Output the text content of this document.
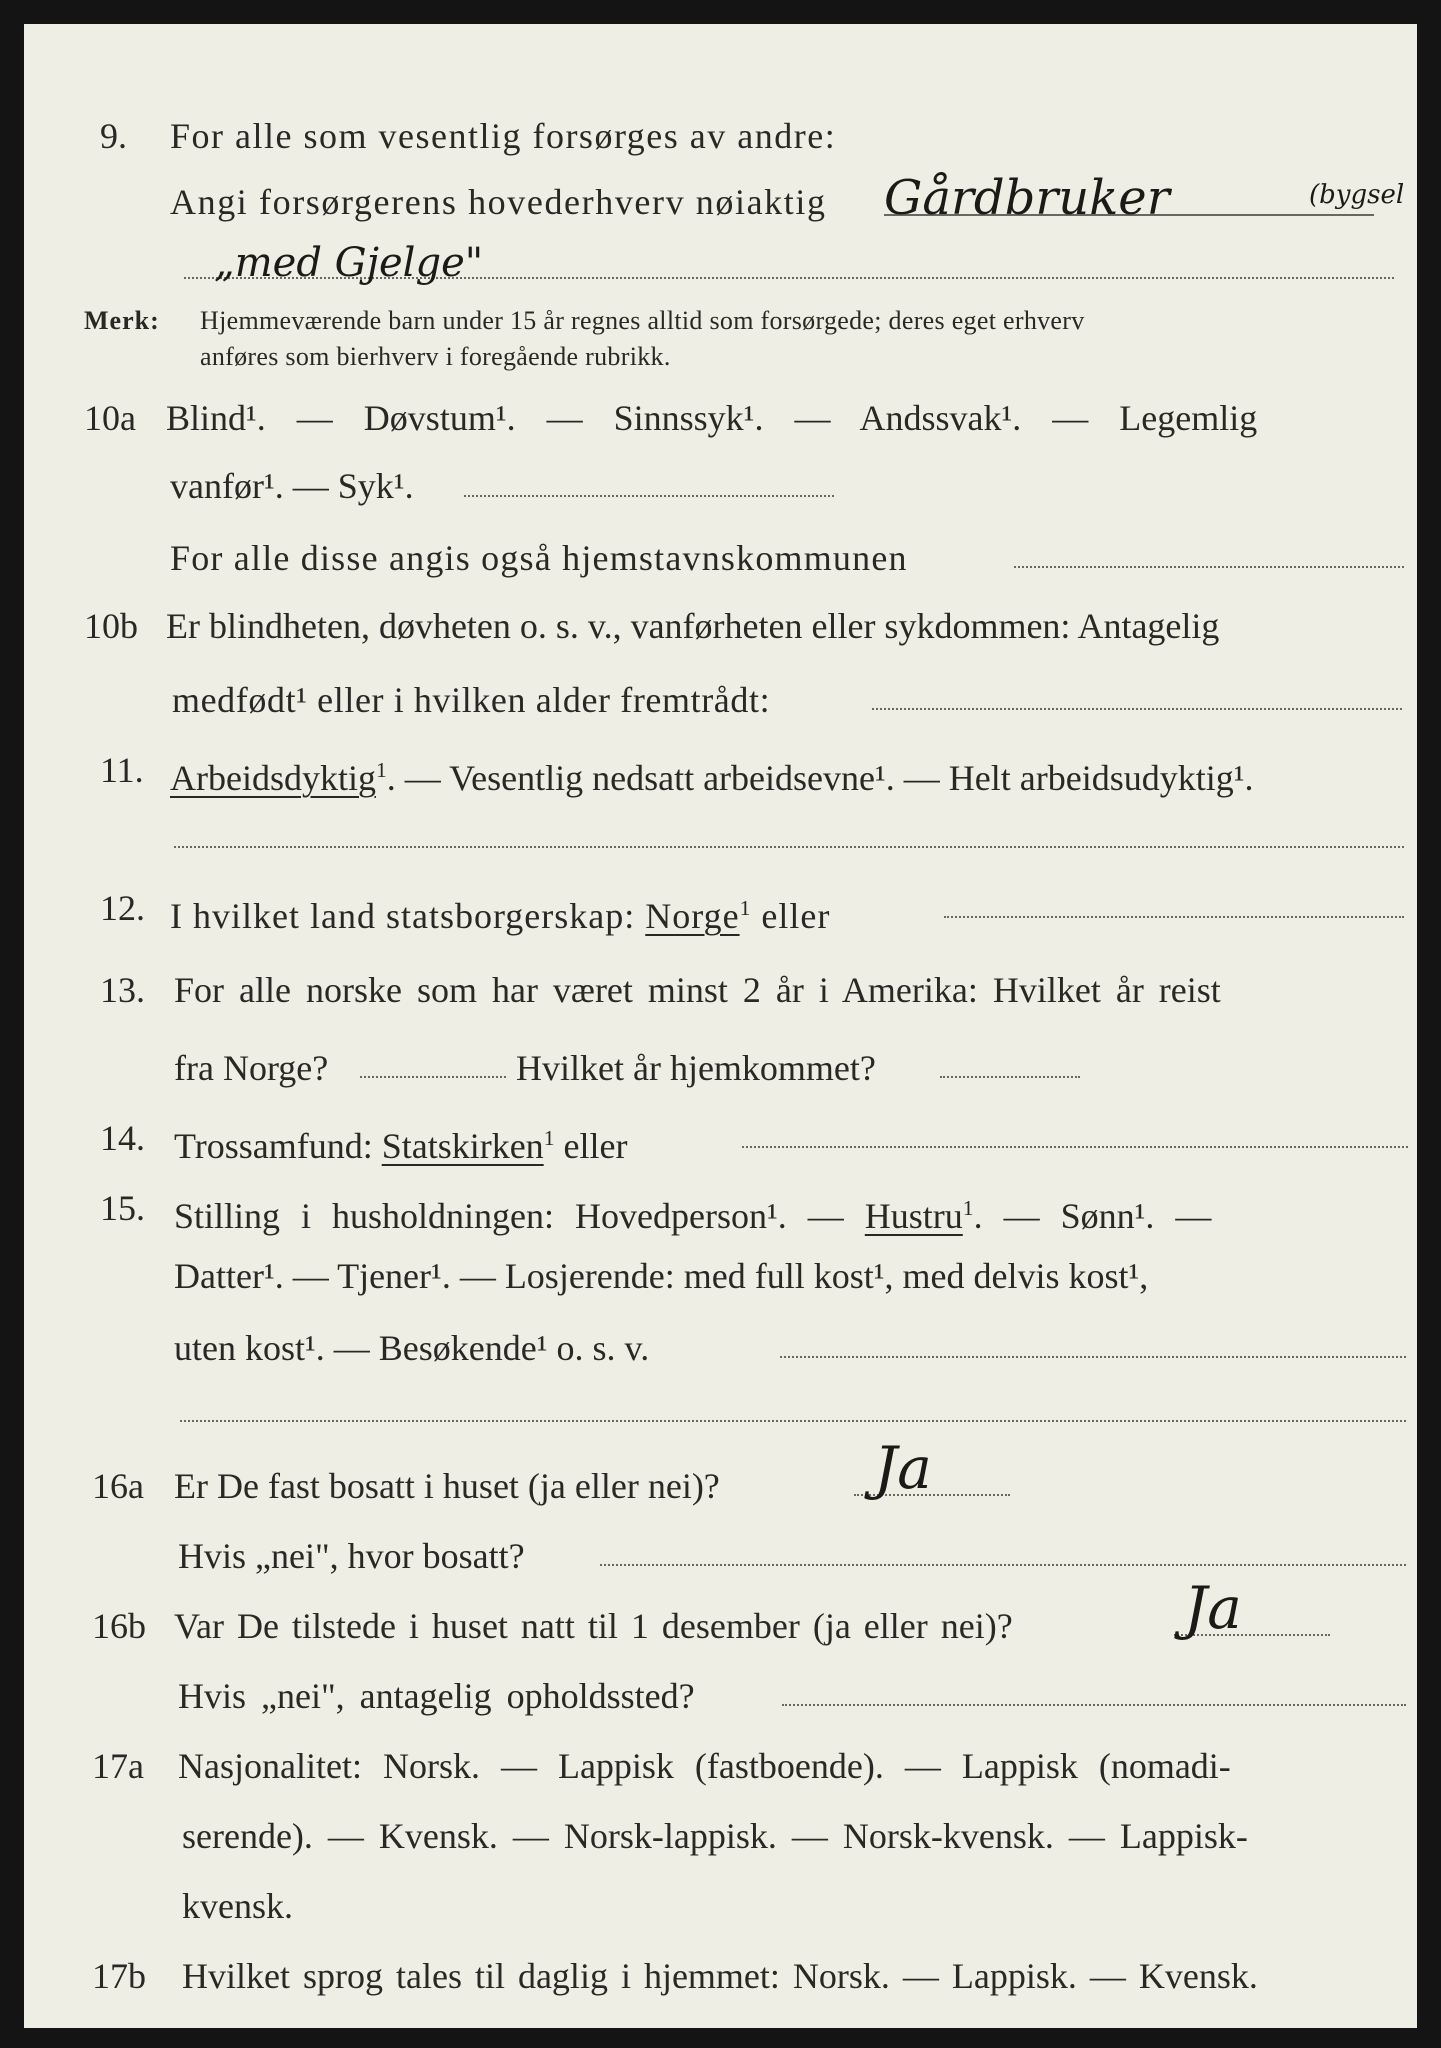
9. For alle som vesentlig forsørges av andre:
Angi forsørgerens hovederhverv nøiaktig Gårdbruker	(bygsel
„med Gjelge"
Merk: Hjemmeværende barn under 15 år regnes alltid som forsørgede; deres eget erhverv
anføres som bierhverv i foregående rubrikk.
10a Blind¹. — Døvstum¹. — Sinnssyk¹. — Andssvak¹. — Legemlig
vanfør¹. — Syk¹.
For alle disse angis også hjemstavnskommunen
10b Er blindheten, døvheten o. s. v., vanførheten eller sykdommen: Antagelig
medfødt¹ eller i hvilken alder fremtrådt:
11. Arbeidsdyktig$^1$. — Vesentlig nedsatt arbeidsevne¹. — Helt arbeidsudyktig¹.
12. I hvilket land statsborgerskap: Norge$^1$ eller
13. For alle norske som har været minst 2 år i Amerika: Hvilket år reist
fra Norge?	Hvilket år hjemkommet?
14. Trossamfund: Statskirken$^1$ eller
15. Stilling i husholdningen: Hovedperson¹. — Hustru$^1$. — Sønn¹. —
Datter¹. — Tjener¹. — Losjerende: med full kost¹, med delvis kost¹,
uten kost¹. — Besøkende¹ o. s. v.
16a Er De fast bosatt i huset (ja eller nei)?	Ja
Hvis „nei", hvor bosatt?
16b Var De tilstede i huset natt til 1 desember (ja eller nei)?	Ja
Hvis „nei", antagelig opholdssted?
17a Nasjonalitet: Norsk. — Lappisk (fastboende). — Lappisk (nomadi-
serende). — Kvensk. — Norsk-lappisk. — Norsk-kvensk. — Lappisk-
kvensk.
17b Hvilket sprog tales til daglig i hjemmet: Norsk. — Lappisk. — Kvensk.
